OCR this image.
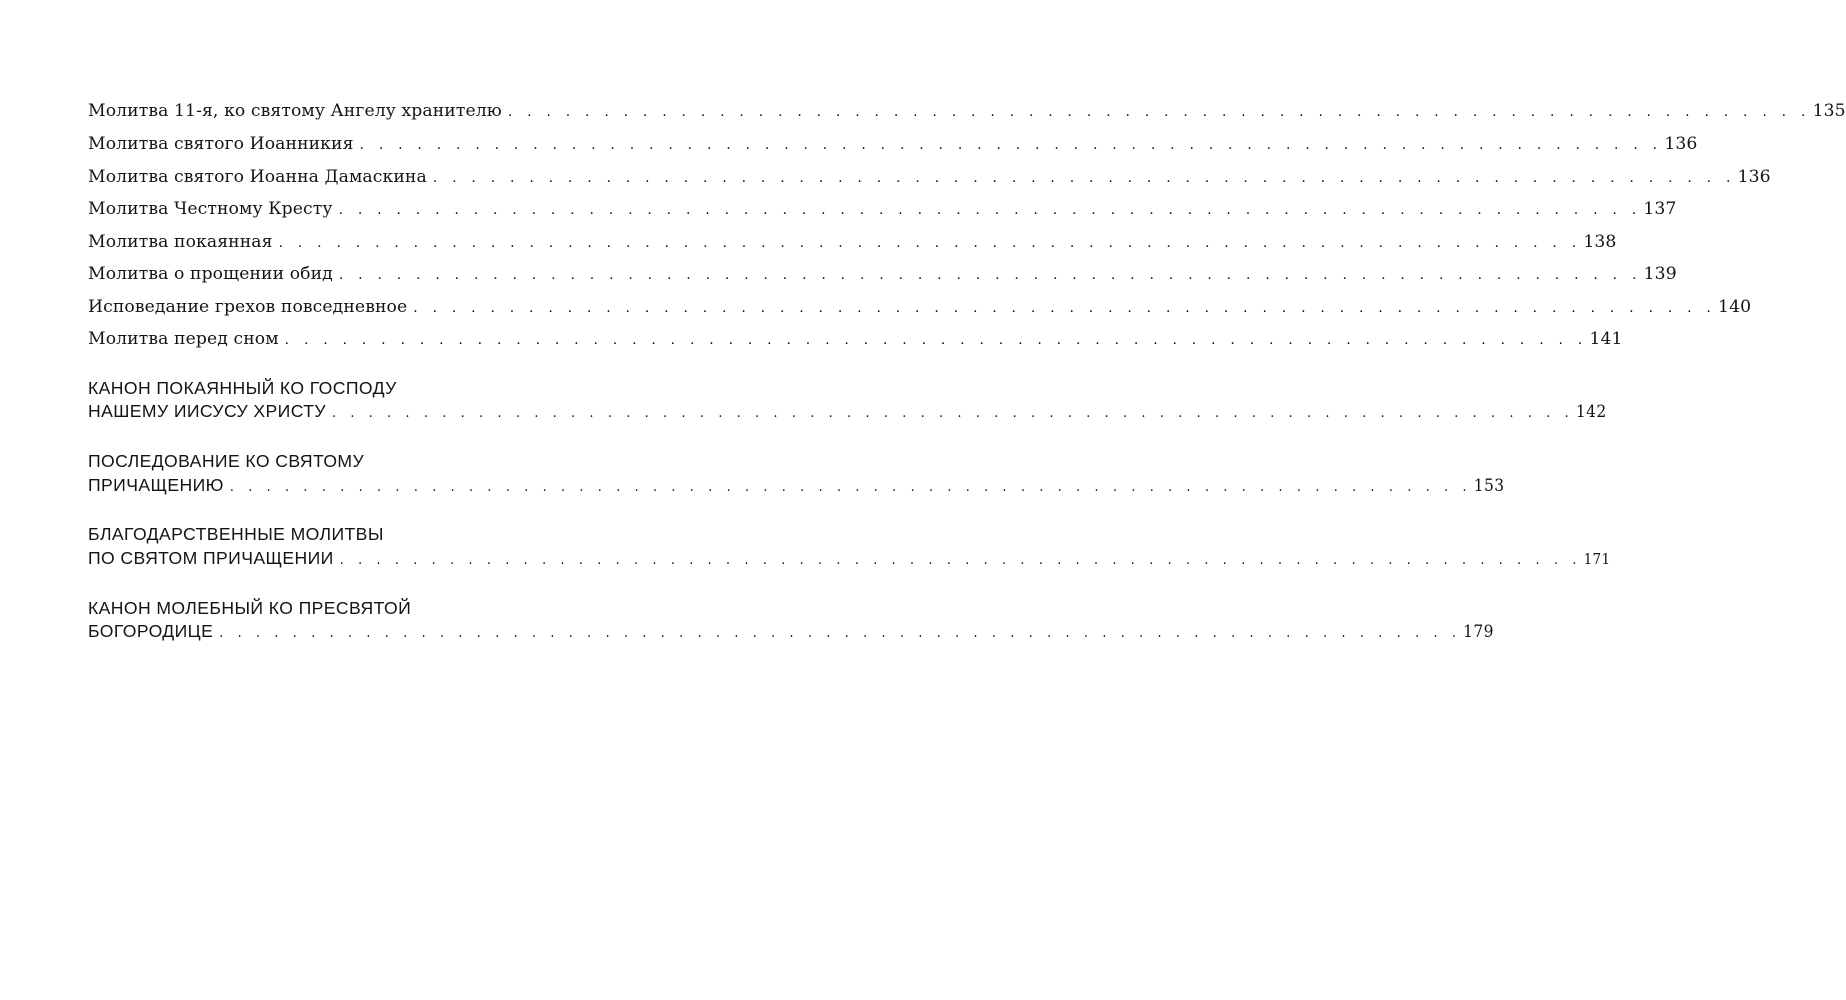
Молитва 11-я, ко святому Ангелу хранителю . . . . . . . . . . . . . . . . . . . . . . . . . . . . . . . . . . . . . . . . . . . . . . . . . . . . . . . . . . . . . . . . . . . . 135
Молитва святого Иоанникия . . . . . . . . . . . . . . . . . . . . . . . . . . . . . . . . . . . . . . . . . . . . . . . . . . . . . . . . . . . . . . . . . . . . 136
Молитва святого Иоанна Дамаскина . . . . . . . . . . . . . . . . . . . . . . . . . . . . . . . . . . . . . . . . . . . . . . . . . . . . . . . . . . . . . . . . . . . . 136
Молитва Честному Кресту . . . . . . . . . . . . . . . . . . . . . . . . . . . . . . . . . . . . . . . . . . . . . . . . . . . . . . . . . . . . . . . . . . . . 137
Молитва покаянная . . . . . . . . . . . . . . . . . . . . . . . . . . . . . . . . . . . . . . . . . . . . . . . . . . . . . . . . . . . . . . . . . . . . 138
Молитва о прощении обид . . . . . . . . . . . . . . . . . . . . . . . . . . . . . . . . . . . . . . . . . . . . . . . . . . . . . . . . . . . . . . . . . . . . 139
Исповедание грехов повседневное . . . . . . . . . . . . . . . . . . . . . . . . . . . . . . . . . . . . . . . . . . . . . . . . . . . . . . . . . . . . . . . . . . . . 140
Молитва перед сном . . . . . . . . . . . . . . . . . . . . . . . . . . . . . . . . . . . . . . . . . . . . . . . . . . . . . . . . . . . . . . . . . . . . 141
КАНОН ПОКАЯННЫЙ КО ГОСПОДУ
НАШЕМУ ИИСУСУ ХРИСТУ . . . . . . . . . . . . . . . . . . . . . . . . . . . . . . . . . . . . . . . . . . . . . . . . . . . . . . . . . . . . . . . . . . . . 142
ПОСЛЕДОВАНИЕ КО СВЯТОМУ
ПРИЧАЩЕНИЮ . . . . . . . . . . . . . . . . . . . . . . . . . . . . . . . . . . . . . . . . . . . . . . . . . . . . . . . . . . . . . . . . . . . . 153
БЛАГОДАРСТВЕННЫЕ МОЛИТВЫ
ПО СВЯТОМ ПРИЧАЩЕНИИ . . . . . . . . . . . . . . . . . . . . . . . . . . . . . . . . . . . . . . . . . . . . . . . . . . . . . . . . . . . . . . . . . . . . 171
КАНОН МОЛЕБНЫЙ КО ПРЕСВЯТОЙ
БОГОРОДИЦЕ . . . . . . . . . . . . . . . . . . . . . . . . . . . . . . . . . . . . . . . . . . . . . . . . . . . . . . . . . . . . . . . . . . . . 179
